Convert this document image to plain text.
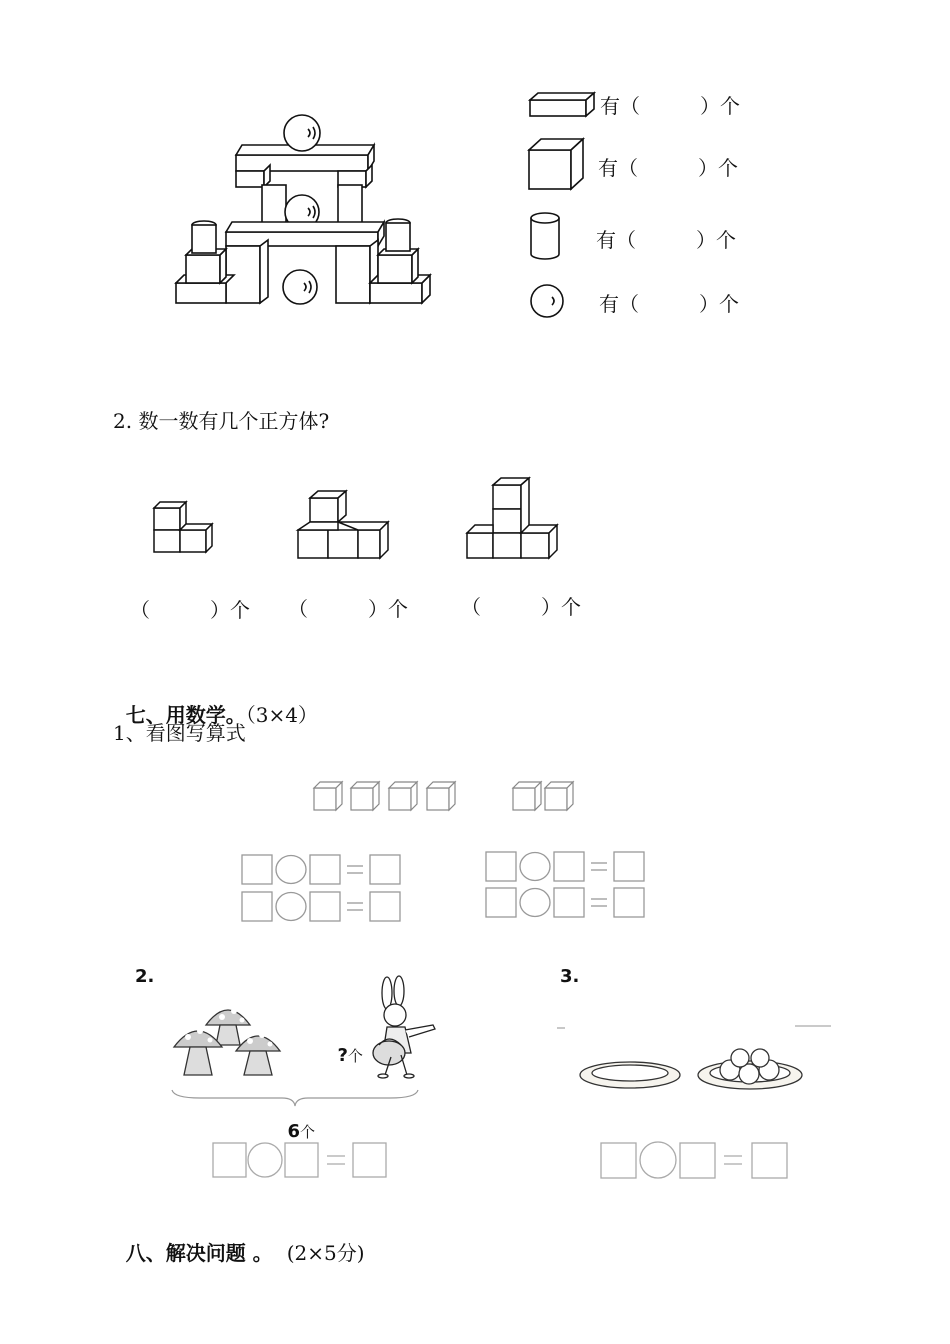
有（　　　）个
有（　　　）个
有（　　　）个
有（　　　）个
2. 数一数有几个正方体?
（　　　）个 （　　　）个	（　　　）个

七、用数学。（3×4）

1、看图写算式
2.	3.

?个

6个

八、解决问题 。 (2×5分)
